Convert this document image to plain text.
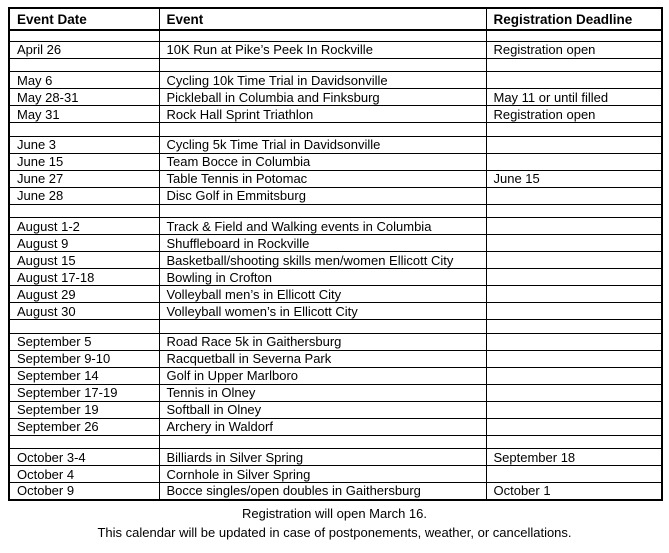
Event Date	Event	Registration Deadline

April 26	10K Run at Pike’s Peek In Rockville	Registration open

May 6	Cycling 10k Time Trial in Davidsonville	
May 28-31	Pickleball in Columbia and Finksburg	May 11 or until filled
May 31	Rock Hall Sprint Triathlon	Registration open

June 3	Cycling 5k Time Trial in Davidsonville	
June 15	Team Bocce in Columbia	
June 27	Table Tennis in Potomac	June 15
June 28	Disc Golf in Emmitsburg	

August 1-2	Track & Field and Walking events in Columbia	
August 9	Shuffleboard in Rockville	
August 15	Basketball/shooting skills men/women Ellicott City	
August 17-18	Bowling in Crofton	
August 29	Volleyball men’s in Ellicott City	
August 30	Volleyball women’s in Ellicott City	

September 5	Road Race 5k in Gaithersburg	
September 9-10	Racquetball in Severna Park	
September 14	Golf in Upper Marlboro	
September 17-19	Tennis in Olney	
September 19	Softball in Olney	
September 26	Archery in Waldorf	

October 3-4	Billiards in Silver Spring	September 18
October 4	Cornhole in Silver Spring	
October 9	Bocce singles/open doubles in Gaithersburg	October 1
Registration will open March 16.
This calendar will be updated in case of postponements, weather, or cancellations.
